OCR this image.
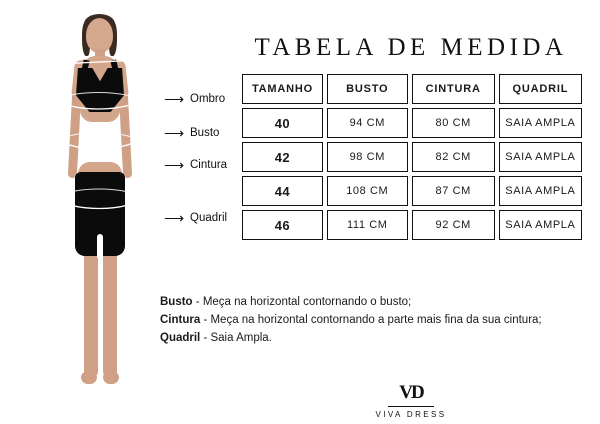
⟶ Ombro
⟶ Busto
⟶ Cintura
⟶ Quadril
TABELA DE MEDIDA
TAMANHO	BUSTO	CINTURA	QUADRIL
40	94 CM	80 CM	SAIA AMPLA
42	98 CM	82 CM	SAIA AMPLA
44	108 CM	87 CM	SAIA AMPLA
46	111 CM	92 CM	SAIA AMPLA
Busto - Meça na horizontal contornando o busto;
Cintura - Meça na horizontal contornando a parte mais fina da sua cintura;
Quadril - Saia Ampla.
VD
VIVA DRESS
